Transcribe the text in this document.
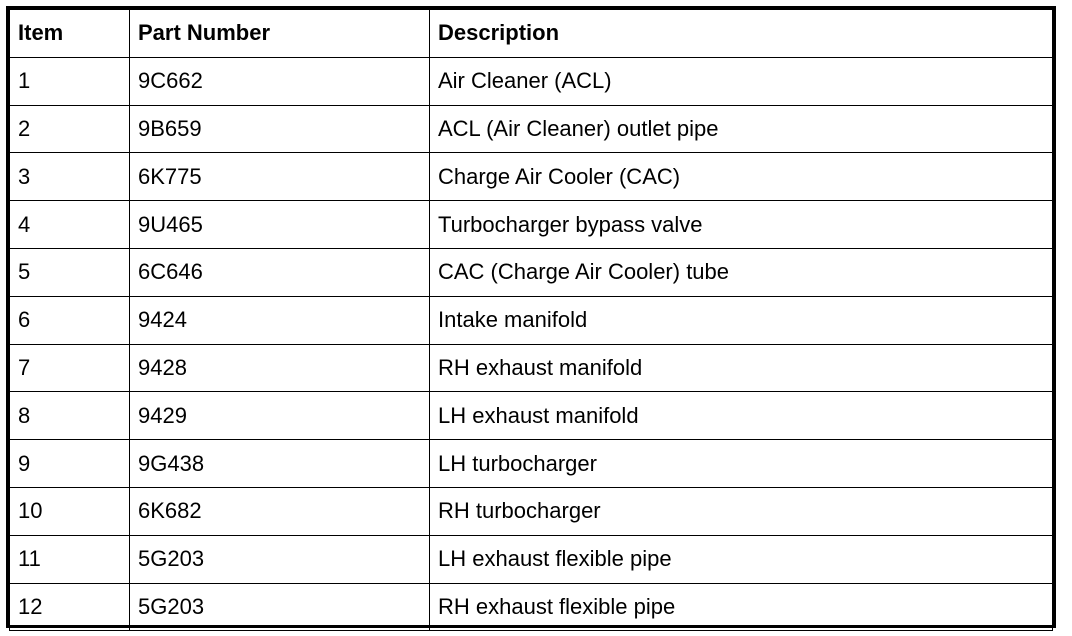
Item	Part Number	Description
1	9C662	Air Cleaner (ACL)
2	9B659	ACL (Air Cleaner) outlet pipe
3	6K775	Charge Air Cooler (CAC)
4	9U465	Turbocharger bypass valve
5	6C646	CAC (Charge Air Cooler) tube
6	9424	Intake manifold
7	9428	RH exhaust manifold
8	9429	LH exhaust manifold
9	9G438	LH turbocharger
10	6K682	RH turbocharger
11	5G203	LH exhaust flexible pipe
12	5G203	RH exhaust flexible pipe
